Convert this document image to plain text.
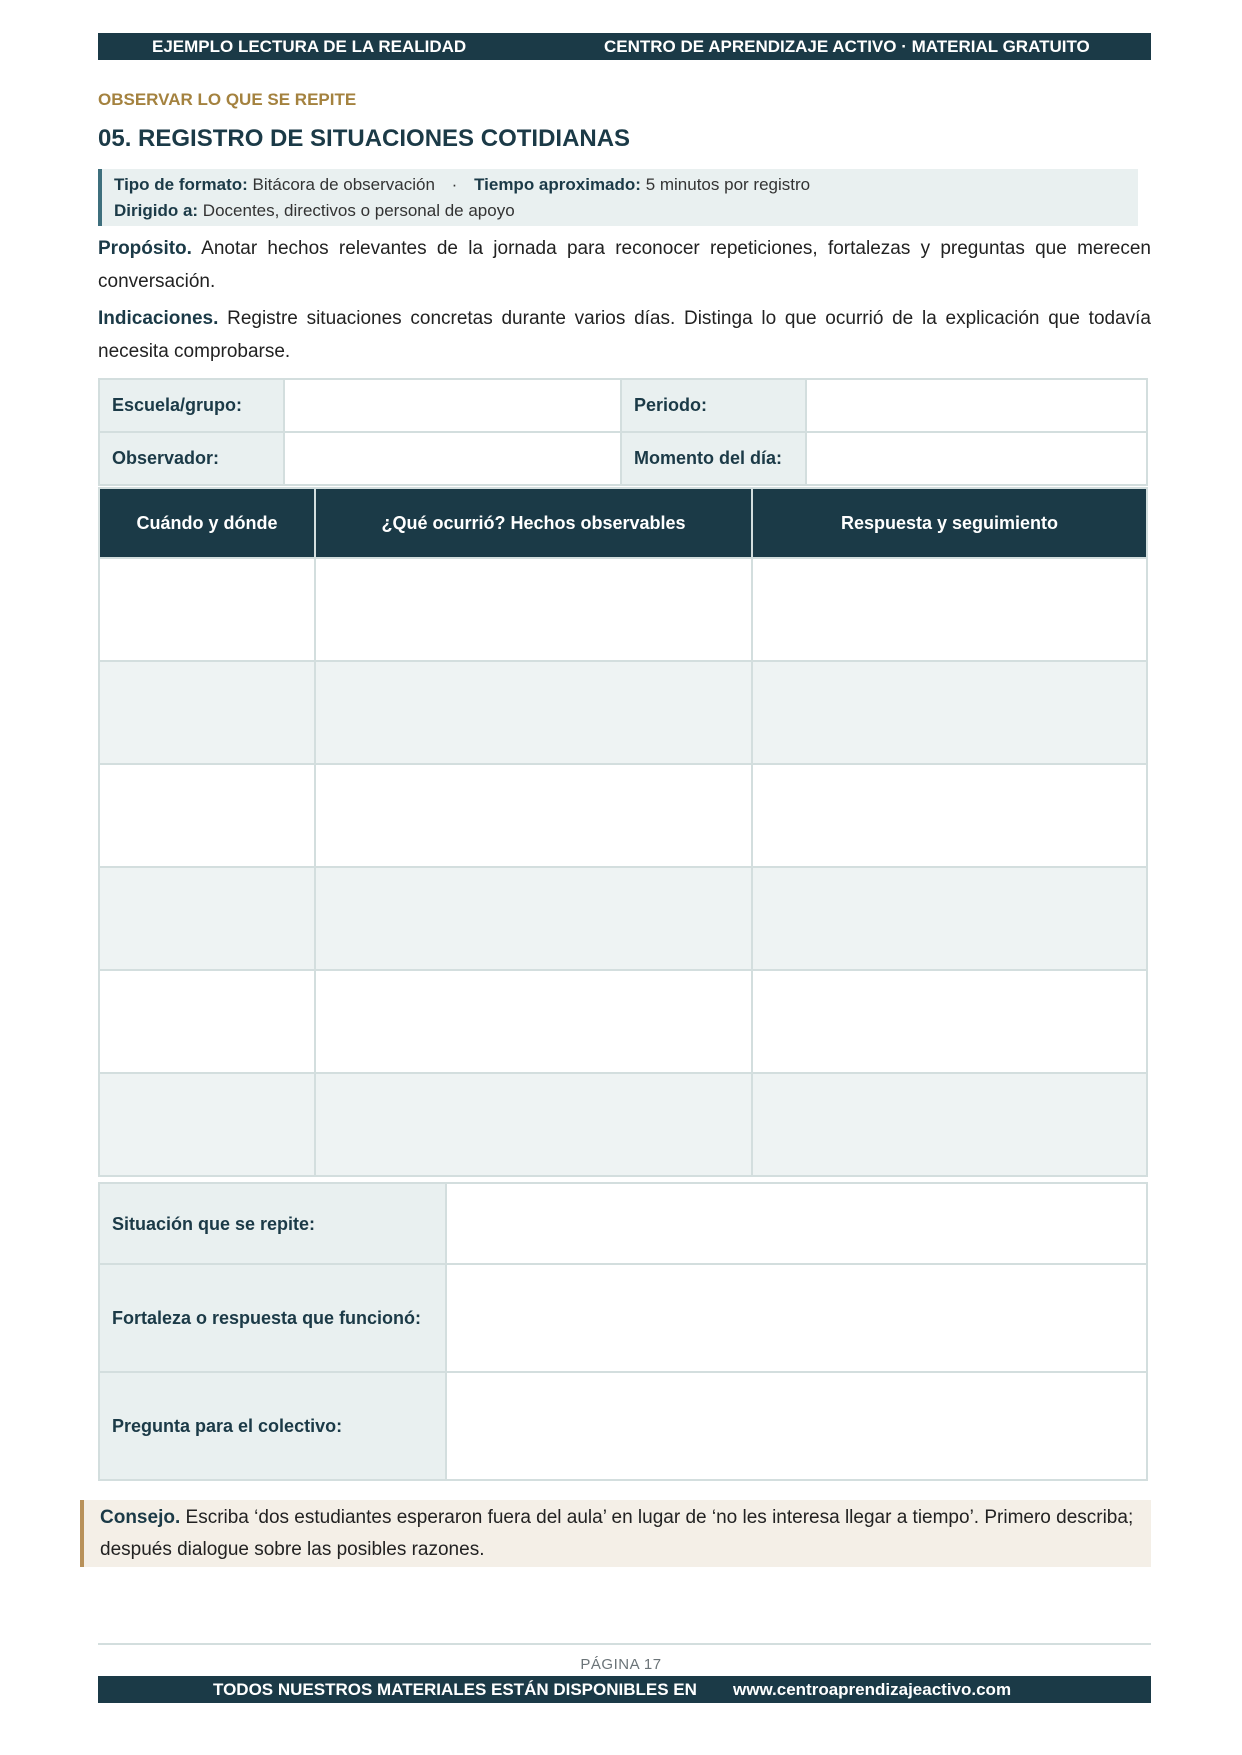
EJEMPLO LECTURA DE LA REALIDAD	CENTRO DE APRENDIZAJE ACTIVO · MATERIAL GRATUITO
OBSERVAR LO QUE SE REPITE
05. REGISTRO DE SITUACIONES COTIDIANAS
Tipo de formato: Bitácora de observación · Tiempo aproximado: 5 minutos por registro
Dirigido a: Docentes, directivos o personal de apoyo

Propósito. Anotar hechos relevantes de la jornada para reconocer repeticiones, fortalezas y preguntas que merecen conversación.

Indicaciones. Registre situaciones concretas durante varios días. Distinga lo que ocurrió de la explicación que todavía necesita comprobarse.

Escuela/grupo:		Periodo:	
Observador:		Momento del día:	
Cuándo y dónde	¿Qué ocurrió? Hechos observables	Respuesta y seguimiento

Situación que se repite:	
Fortaleza o respuesta que funcionó:	
Pregunta para el colectivo:	
Consejo. Escriba ‘dos estudiantes esperaron fuera del aula’ en lugar de ‘no les interesa llegar a tiempo’. Primero describa; después dialogue sobre las posibles razones.
PÁGINA 17
TODOS NUESTROS MATERIALES ESTÁN DISPONIBLES EN www.centroaprendizajeactivo.com
